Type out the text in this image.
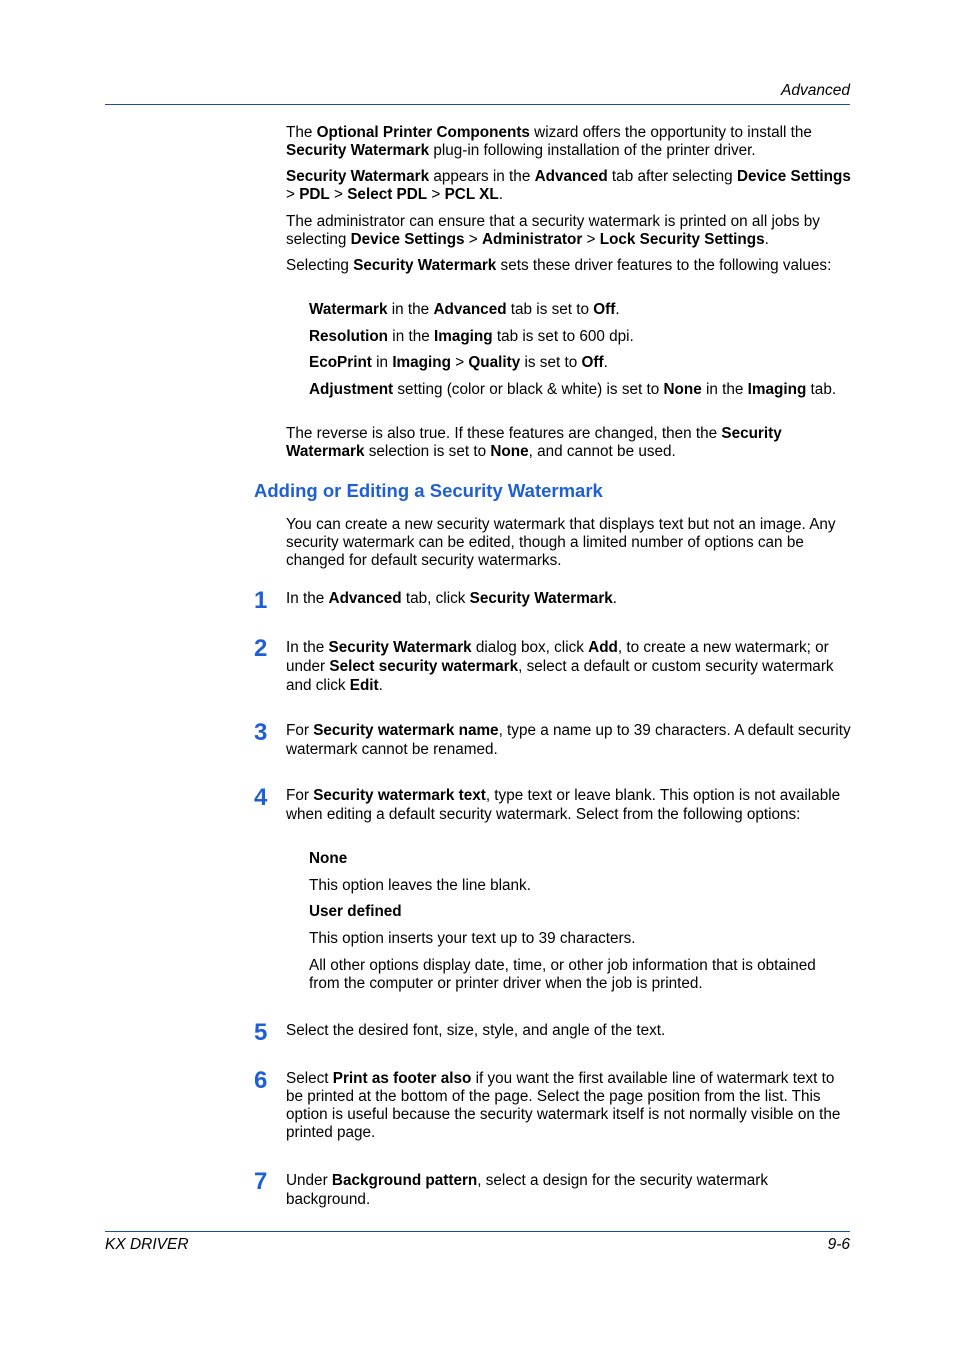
Advanced
The Optional Printer Components wizard offers the opportunity to install the Security Watermark plug-in following installation of the printer driver.
Security Watermark appears in the Advanced tab after selecting Device Settings > PDL > Select PDL > PCL XL.
The administrator can ensure that a security watermark is printed on all jobs by selecting Device Settings > Administrator > Lock Security Settings.
Selecting Security Watermark sets these driver features to the following values:
Watermark in the Advanced tab is set to Off.
Resolution in the Imaging tab is set to 600 dpi.
EcoPrint in Imaging > Quality is set to Off.
Adjustment setting (color or black & white) is set to None in the Imaging tab.
The reverse is also true. If these features are changed, then the Security Watermark selection is set to None, and cannot be used.
Adding or Editing a Security Watermark
You can create a new security watermark that displays text but not an image. Any security watermark can be edited, though a limited number of options can be changed for default security watermarks.
1 In the Advanced tab, click Security Watermark.
2 In the Security Watermark dialog box, click Add, to create a new watermark; or under Select security watermark, select a default or custom security watermark and click Edit.
3 For Security watermark name, type a name up to 39 characters. A default security watermark cannot be renamed.
4 For Security watermark text, type text or leave blank. This option is not available when editing a default security watermark. Select from the following options:
None
This option leaves the line blank.
User defined
This option inserts your text up to 39 characters.
All other options display date, time, or other job information that is obtained from the computer or printer driver when the job is printed.
5 Select the desired font, size, style, and angle of the text.
6 Select Print as footer also if you want the first available line of watermark text to be printed at the bottom of the page. Select the page position from the list. This option is useful because the security watermark itself is not normally visible on the printed page.
7 Under Background pattern, select a design for the security watermark background.
KX DRIVER	9-6
